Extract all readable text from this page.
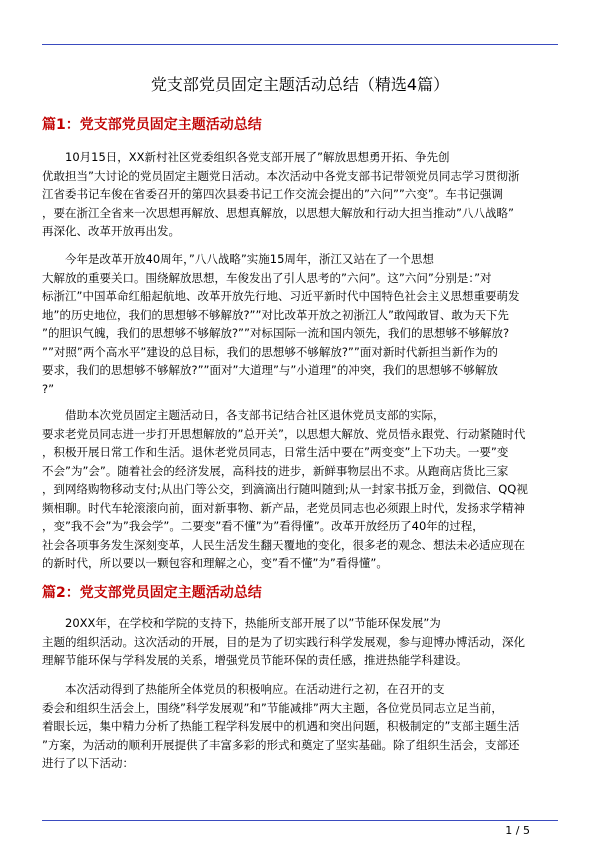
党支部党员固定主题活动总结（精选4篇）
篇1：党支部党员固定主题活动总结

10月15日，XX新村社区党委组织各党支部开展了”解放思想勇开拓、争先创
优敢担当”大讨论的党员固定主题党日活动。本次活动中各党支部书记带领党员同志学习贯彻浙
江省委书记车俊在省委召开的第四次县委书记工作交流会提出的”六问””六变”。车书记强调
，要在浙江全省来一次思想再解放、思想真解放，以思想大解放和行动大担当推动”八八战略”
再深化、改革开放再出发。

今年是改革开放40周年，”八八战略”实施15周年，浙江又站在了一个思想
大解放的重要关口。围绕解放思想，车俊发出了引人思考的”六问”。这”六问”分别是：”对
标浙江”中国革命红船起航地、改革开放先行地、习近平新时代中国特色社会主义思想重要萌发
地”的历史地位，我们的思想够不够解放?””对比改革开放之初浙江人”敢闯敢冒、敢为天下先
”的胆识气魄，我们的思想够不够解放?””对标国际一流和国内领先，我们的思想够不够解放?
””对照”两个高水平”建设的总目标，我们的思想够不够解放?””面对新时代新担当新作为的
要求，我们的思想够不够解放?””面对”大道理”与”小道理”的冲突，我们的思想够不够解放
?”

借助本次党员固定主题活动日，各支部书记结合社区退休党员支部的实际，
要求老党员同志进一步打开思想解放的”总开关”，以思想大解放、党员悟永跟党、行动紧随时代
，积极开展日常工作和生活。退休老党员同志，日常生活中要在”两变变”上下功夫。一要”变
不会”为”会”。随着社会的经济发展，高科技的进步，新鲜事物层出不求。从跑商店货比三家
，到网络购物移动支付;从出门等公交，到滴滴出行随叫随到;从一封家书抵万金，到微信、QQ视
频相聊。时代车轮滚滚向前，面对新事物、新产品，老党员同志也必须跟上时代，发扬求学精神
，变”我不会”为”我会学”。二要变”看不懂”为”看得懂”。改革开放经历了40年的过程，
社会各项事务发生深刻变革，人民生活发生翻天覆地的变化，很多老的观念、想法未必适应现在
的新时代，所以要以一颗包容和理解之心，变”看不懂”为”看得懂”。

篇2：党支部党员固定主题活动总结

20XX年，在学校和学院的支持下，热能所支部开展了以”节能环保发展”为
主题的组织活动。这次活动的开展，目的是为了切实践行科学发展观，参与迎博办博活动，深化
理解节能环保与学科发展的关系，增强党员节能环保的责任感，推进热能学科建设。

本次活动得到了热能所全体党员的积极响应。在活动进行之初，在召开的支
委会和组织生活会上，围绕”科学发展观”和”节能减排”两大主题，各位党员同志立足当前，
着眼长远，集中精力分析了热能工程学科发展中的机遇和突出问题，积极制定的”支部主题生活
”方案，为活动的顺利开展提供了丰富多彩的形式和奠定了坚实基础。除了组织生活会，支部还
进行了以下活动：

1 / 5
